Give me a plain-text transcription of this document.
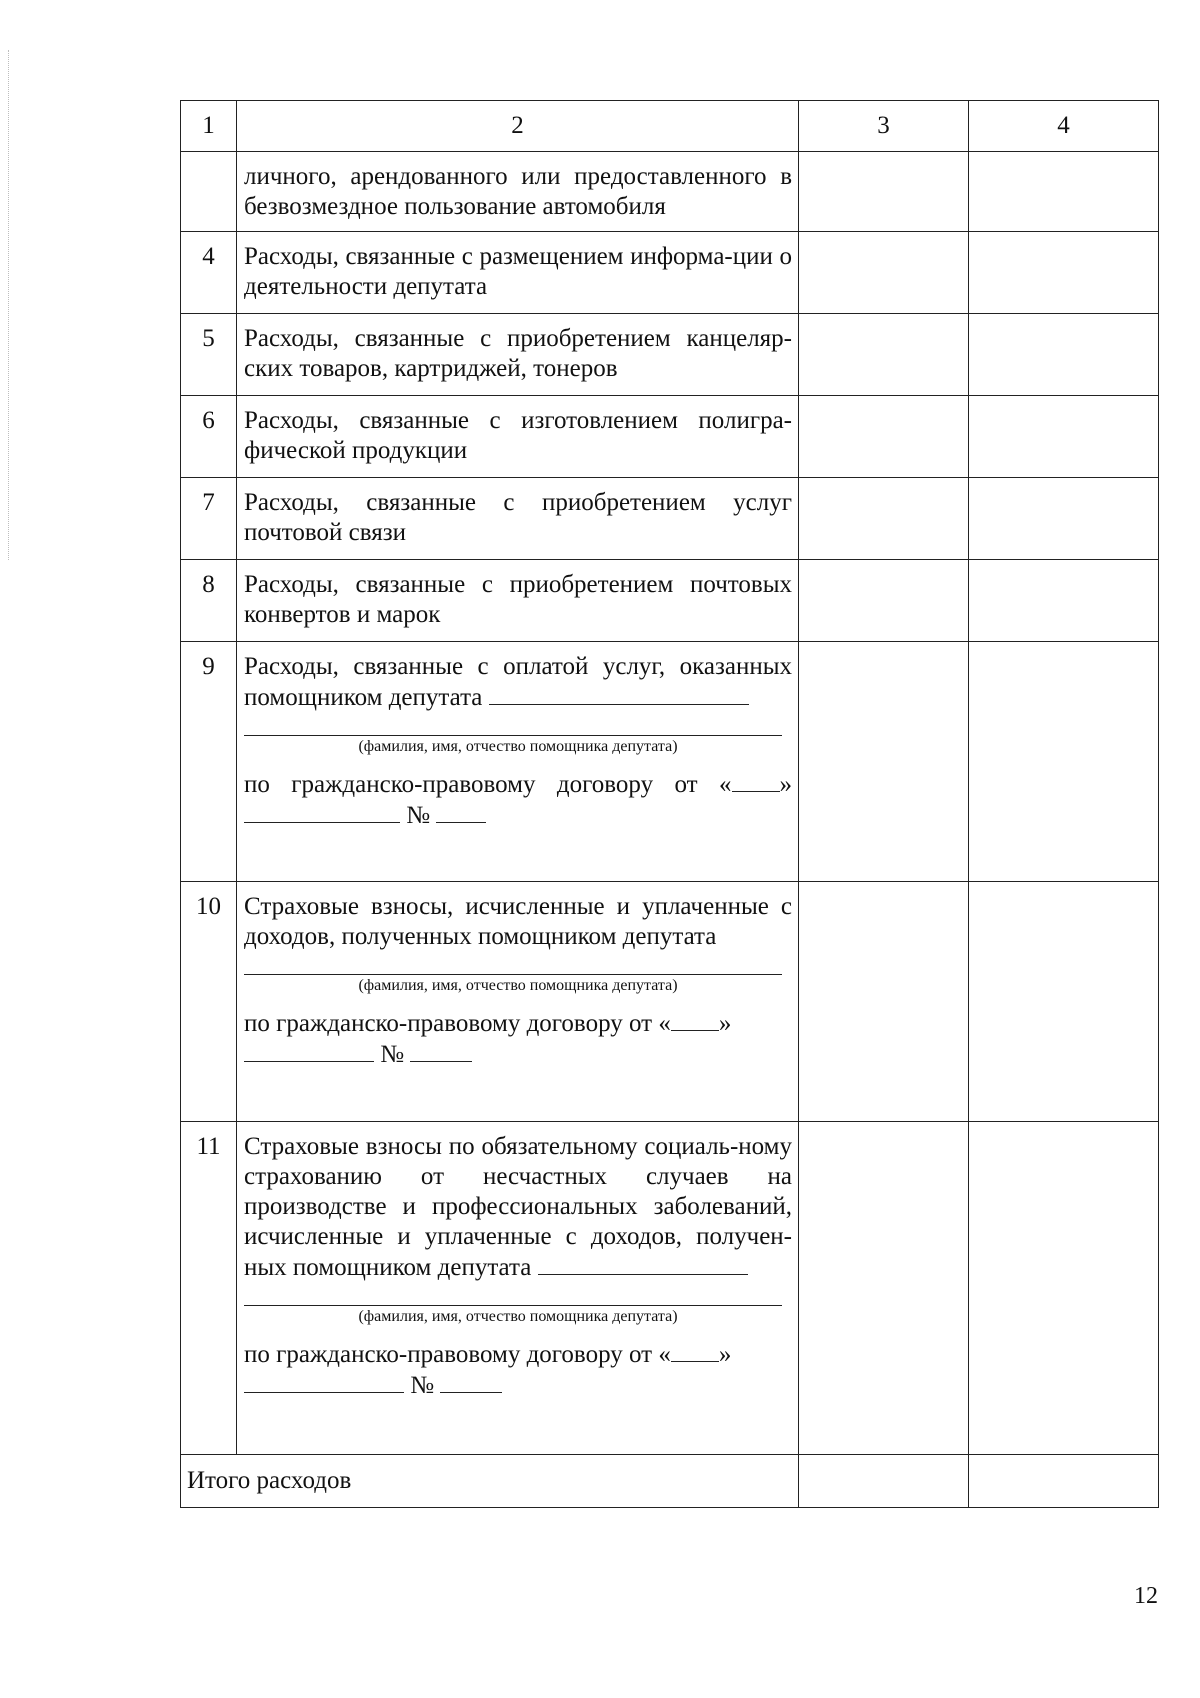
1	2	3	4
	личного, арендованного или предоставленного в безвозмездное пользование автомобиля		
4	Расходы, связанные с размещением информа-ции о деятельности депутата		
5	Расходы, связанные с приобретением канцеляр-ских товаров, картриджей, тонеров		
6	Расходы, связанные с изготовлением полигра-фической продукции		
7	Расходы, связанные с приобретением услуг почтовой связи		
8	Расходы, связанные с приобретением почтовых конвертов и марок		
9	Расходы, связанные с оплатой услуг, оказанных помощником депутата
(фамилия, имя, отчество помощника депутата)
по гражданско-правовому договору от « »
№		

10	Страховые взносы, исчисленные и уплаченные с доходов, полученных помощником депутата
(фамилия, имя, отчество помощника депутата)
по гражданско-правовому договору от « »
№		

11	Страховые взносы по обязательному социаль-ному страхованию от несчастных случаев на производстве и профессиональных заболеваний, исчисленные и уплаченные с доходов, получен-ных помощником депутата
(фамилия, имя, отчество помощника депутата)
по гражданско-правовому договору от « »
№		

Итого расходов			
12
